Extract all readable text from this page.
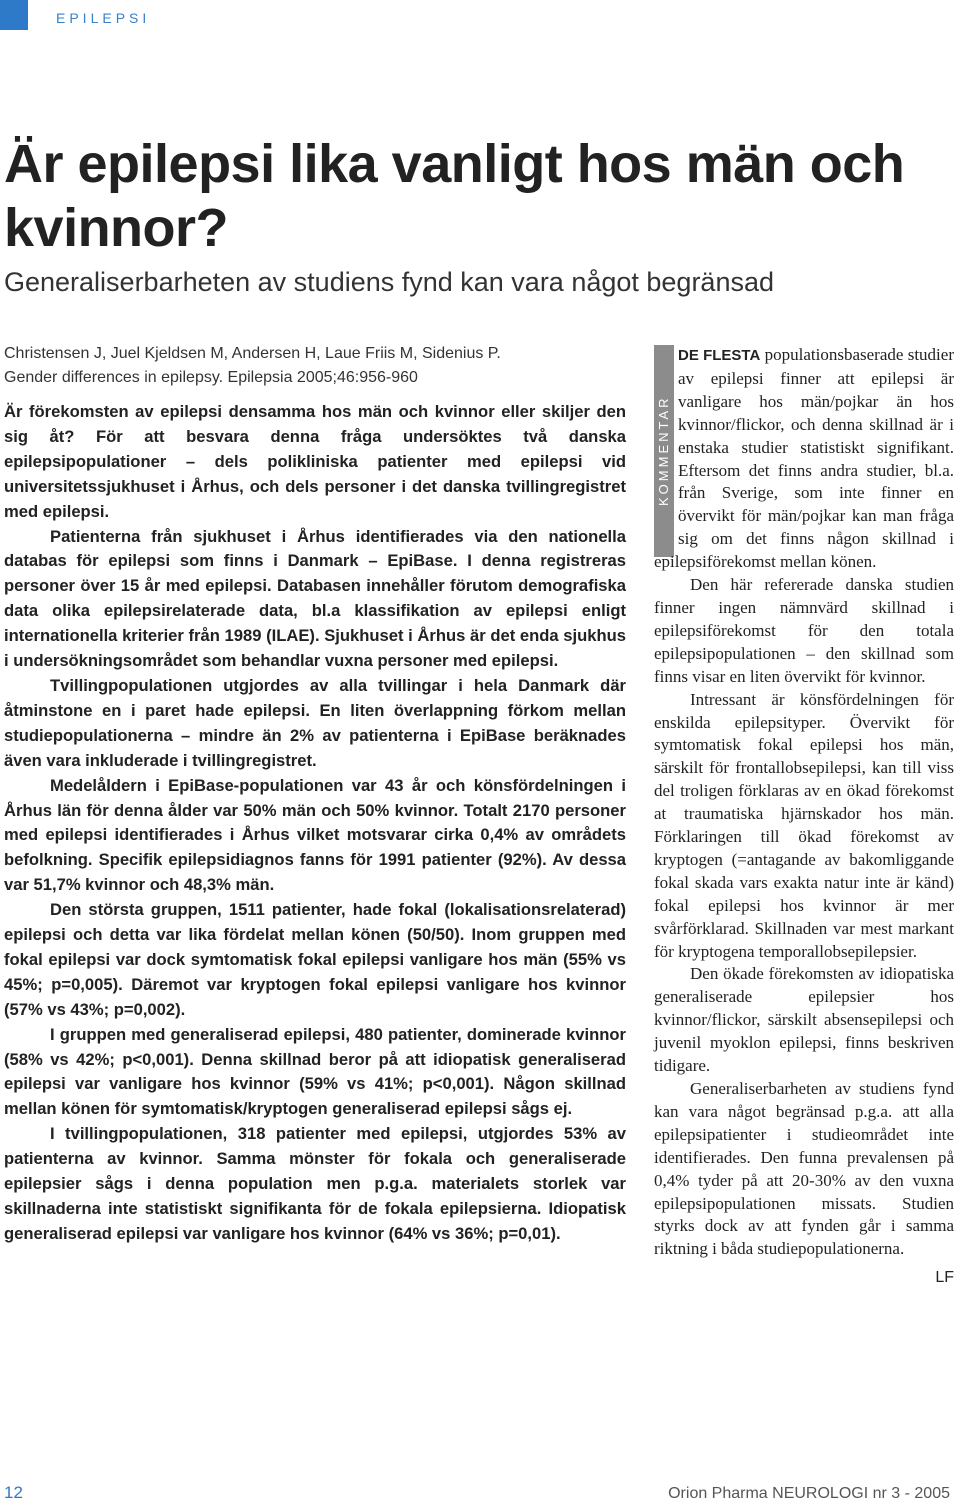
EPILEPSI
Är epilepsi lika vanligt hos män och kvinnor?
Generaliserbarheten av studiens fynd kan vara något begränsad

Christensen J, Juel Kjeldsen M, Andersen H, Laue Friis M, Sidenius P.
Gender differences in epilepsy. Epilepsia 2005;46:956-960

Är förekomsten av epilepsi densamma hos män och kvinnor eller skiljer den sig åt? För att besvara denna fråga undersöktes två danska epilepsipopulationer – dels polikliniska patienter med epilepsi vid universitetssjukhuset i Århus, och dels personer i det danska tvillingregistret med epilepsi.

Patienterna från sjukhuset i Århus identifierades via den nationella databas för epilepsi som finns i Danmark – EpiBase. I denna registreras personer över 15 år med epilepsi. Databasen innehåller förutom demografiska data olika epilepsirelaterade data, bl.a klassifikation av epilepsi enligt internationella kriterier från 1989 (ILAE). Sjukhuset i Århus är det enda sjukhus i undersökningsområdet som behandlar vuxna personer med epilepsi.

Tvillingpopulationen utgjordes av alla tvillingar i hela Danmark där åtminstone en i paret hade epilepsi. En liten överlappning förkom mellan studiepopulationerna – mindre än 2% av patienterna i EpiBase beräknades även vara inkluderade i tvillingregistret.

Medelåldern i EpiBase-populationen var 43 år och könsfördelningen i Århus län för denna ålder var 50% män och 50% kvinnor. Totalt 2170 personer med epilepsi identifierades i Århus vilket motsvarar cirka 0,4% av områdets befolkning. Specifik epilepsidiagnos fanns för 1991 patienter (92%). Av dessa var 51,7% kvinnor och 48,3% män.

Den största gruppen, 1511 patienter, hade fokal (lokalisationsrelaterad) epilepsi och detta var lika fördelat mellan könen (50/50). Inom gruppen med fokal epilepsi var dock symtomatisk fokal epilepsi vanligare hos män (55% vs 45%; p=0,005). Däremot var kryptogen fokal epilepsi vanligare hos kvinnor (57% vs 43%; p=0,002).

I gruppen med generaliserad epilepsi, 480 patienter, dominerade kvinnor (58% vs 42%; p<0,001). Denna skillnad beror på att idiopatisk generaliserad epilepsi var vanligare hos kvinnor (59% vs 41%; p<0,001). Någon skillnad mellan könen för symtomatisk/kryptogen generaliserad epilepsi sågs ej.

I tvillingpopulationen, 318 patienter med epilepsi, utgjordes 53% av patienterna av kvinnor. Samma mönster för fokala och generaliserade epilepsier sågs i denna population men p.g.a. materialets storlek var skillnaderna inte statistiskt signifikanta för de fokala epilepsierna. Idiopatisk generaliserad epilepsi var vanligare hos kvinnor (64% vs 36%; p=0,01).

KOMMENTAR

DE FLESTA populationsbaserade studier av epilepsi finner att epilepsi är vanligare hos män/pojkar än hos kvinnor/flickor, och denna skillnad är i enstaka studier statistiskt signifikant. Eftersom det finns andra studier, bl.a. från Sverige, som inte finner en övervikt för män/pojkar kan man fråga sig om det finns någon skillnad i epilepsiförekomst mellan könen.

Den här refererade danska studien finner ingen nämnvärd skillnad i epilepsiförekomst för den totala epilepsipopulationen – den skillnad som finns visar en liten övervikt för kvinnor.

Intressant är könsfördelningen för enskilda epilepsityper. Övervikt för symtomatisk fokal epilepsi hos män, särskilt för frontallobsepilepsi, kan till viss del troligen förklaras av en ökad förekomst at traumatiska hjärnskador hos män. Förklaringen till ökad förekomst av kryptogen (=antagande av bakomliggande fokal skada vars exakta natur inte är känd) fokal epilepsi hos kvinnor är mer svårförklarad. Skillnaden var mest markant för kryptogena temporallobsepilepsier.

Den ökade förekomsten av idiopatiska generaliserade epilepsier hos kvinnor/flickor, särskilt absensepilepsi och juvenil myoklon epilepsi, finns beskriven tidigare.

Generaliserbarheten av studiens fynd kan vara något begränsad p.g.a. att alla epilepsipatienter i studieområdet inte identifierades. Den funna prevalensen på 0,4% tyder på att 20-30% av den vuxna epilepsipopulationen missats. Studien styrks dock av att fynden går i samma riktning i båda studiepopulationerna.

LF
12	Orion Pharma NEUROLOGI nr 3 - 2005
